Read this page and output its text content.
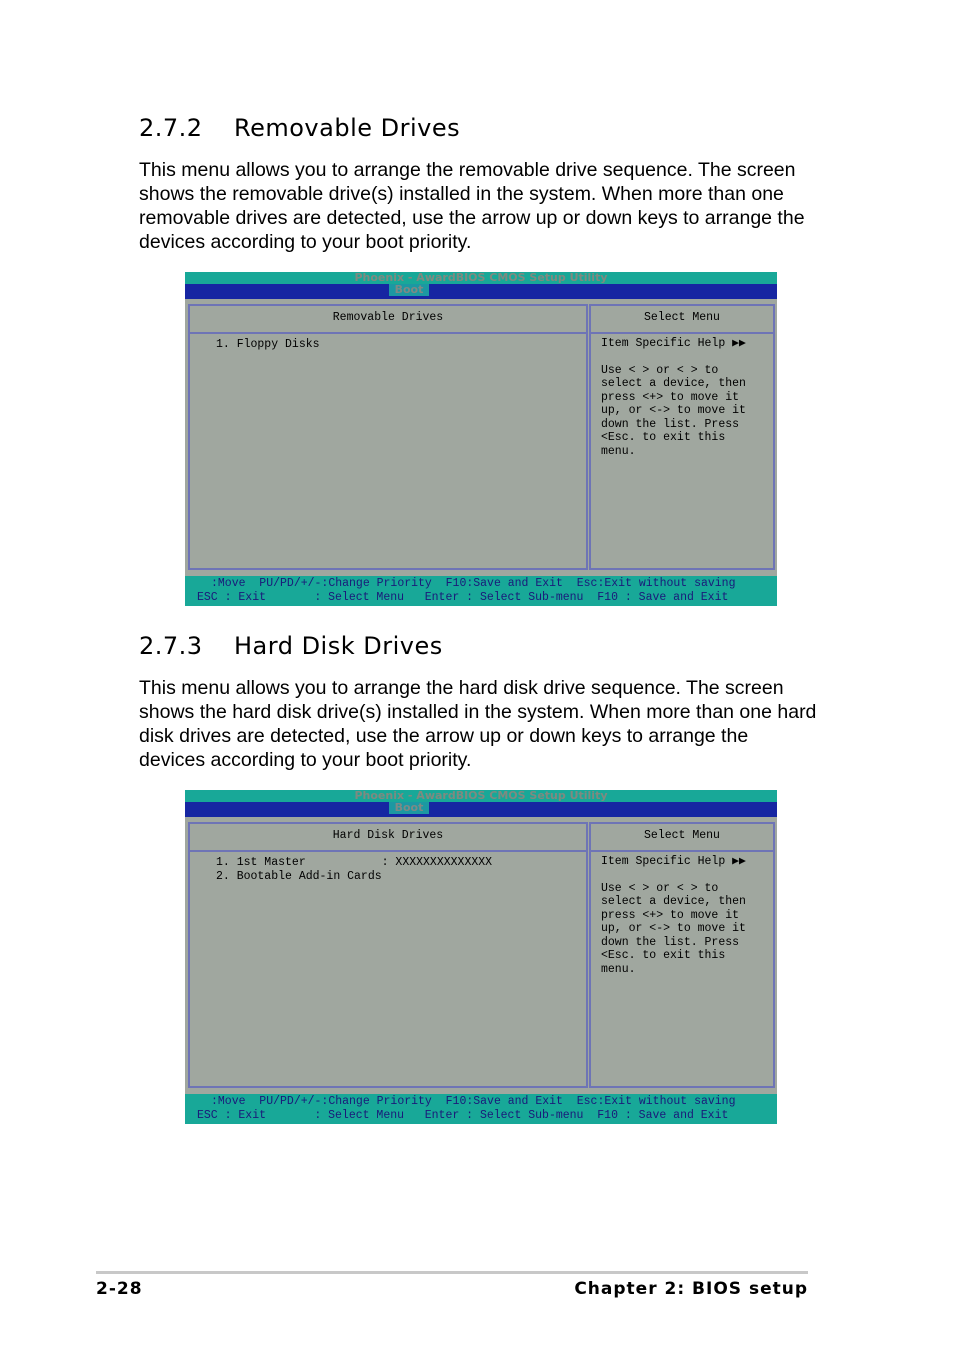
2.7.2 Removable Drives

This menu allows you to arrange the removable drive sequence. The screen shows the removable drive(s) installed in the system. When more than one removable drives are detected, use the arrow up or down keys to arrange the devices according to your boot priority.

Phoenix - AwardBIOS CMOS Setup Utility
Boot
Removable Drives
1. Floppy Disks
Select Menu
Item Specific Help ▶▶
Use < > or < > to
select a device, then
press <+> to move it
up, or <-> to move it
down the list. Press
<Esc. to exit this
menu.

:Move  PU/PD/+/-:Change Priority  F10:Save and Exit  Esc:Exit without saving

ESC : Exit       : Select Menu   Enter : Select Sub-menu  F10 : Save and Exit

2.7.3 Hard Disk Drives

This menu allows you to arrange the hard disk drive sequence. The screen shows the hard disk drive(s) installed in the system. When more than one hard disk drives are detected, use the arrow up or down keys to arrange the devices according to your boot priority.

Phoenix - AwardBIOS CMOS Setup Utility
Boot
Hard Disk Drives
1. 1st Master           : XXXXXXXXXXXXXX
2. Bootable Add-in Cards
Select Menu
Item Specific Help ▶▶
Use < > or < > to
select a device, then
press <+> to move it
up, or <-> to move it
down the list. Press
<Esc. to exit this
menu.

:Move  PU/PD/+/-:Change Priority  F10:Save and Exit  Esc:Exit without saving

ESC : Exit       : Select Menu   Enter : Select Sub-menu  F10 : Save and Exit

2-28	Chapter 2: BIOS setup
